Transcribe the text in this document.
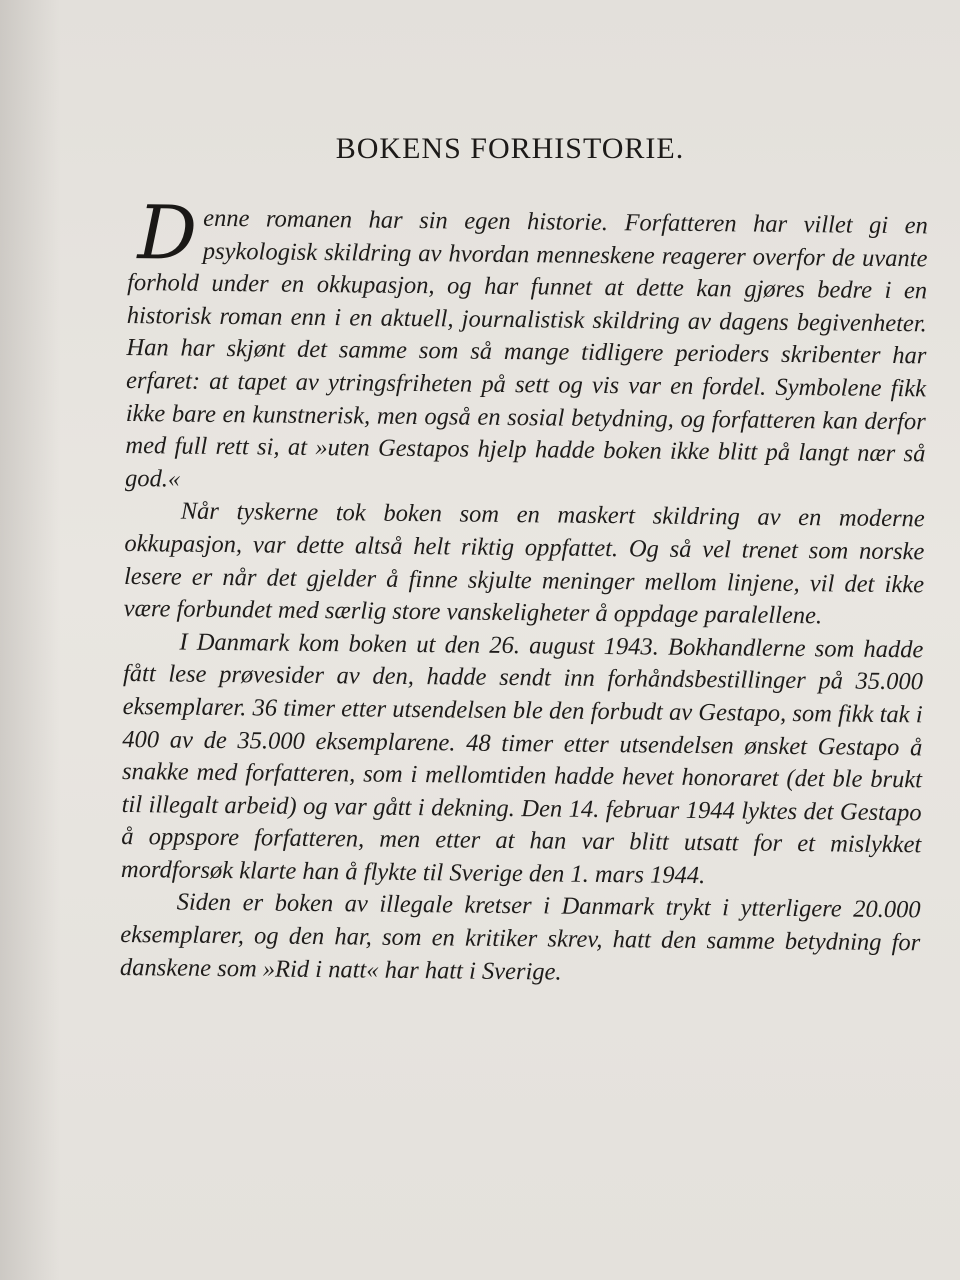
BOKENS FORHISTORIE.

Denne romanen har sin egen historie. Forfatteren har villet gi en psykologisk skildring av hvordan menneskene reagerer overfor de uvante forhold under en okkupasjon, og har funnet at dette kan gjøres bedre i en historisk roman enn i en aktuell, journalistisk skildring av dagens begivenheter. Han har skjønt det samme som så mange tidligere perioders skribenter har erfaret: at tapet av ytringsfriheten på sett og vis var en fordel. Symbolene fikk ikke bare en kunstnerisk, men også en sosial betydning, og forfatteren kan derfor med full rett si, at »uten Gestapos hjelp hadde boken ikke blitt på langt nær så god.«

Når tyskerne tok boken som en maskert skildring av en moderne okkupasjon, var dette altså helt riktig oppfattet. Og så vel trenet som norske lesere er når det gjelder å finne skjulte meninger mellom linjene, vil det ikke være forbundet med særlig store vanskeligheter å oppdage paralellene.

I Danmark kom boken ut den 26. august 1943. Bokhandlerne som hadde fått lese prøvesider av den, hadde sendt inn forhåndsbestillinger på 35.000 eksemplarer. 36 timer etter utsendelsen ble den forbudt av Gestapo, som fikk tak i 400 av de 35.000 eksemplarene. 48 timer etter utsendelsen ønsket Gestapo å snakke med forfatteren, som i mellomtiden hadde hevet honoraret (det ble brukt til illegalt arbeid) og var gått i dekning. Den 14. februar 1944 lyktes det Gestapo å oppspore forfatteren, men etter at han var blitt utsatt for et mislykket mordforsøk klarte han å flykte til Sverige den 1. mars 1944.

Siden er boken av illegale kretser i Danmark trykt i ytterligere 20.000 eksemplarer, og den har, som en kritiker skrev, hatt den samme betydning for danskene som »Rid i natt« har hatt i Sverige.
